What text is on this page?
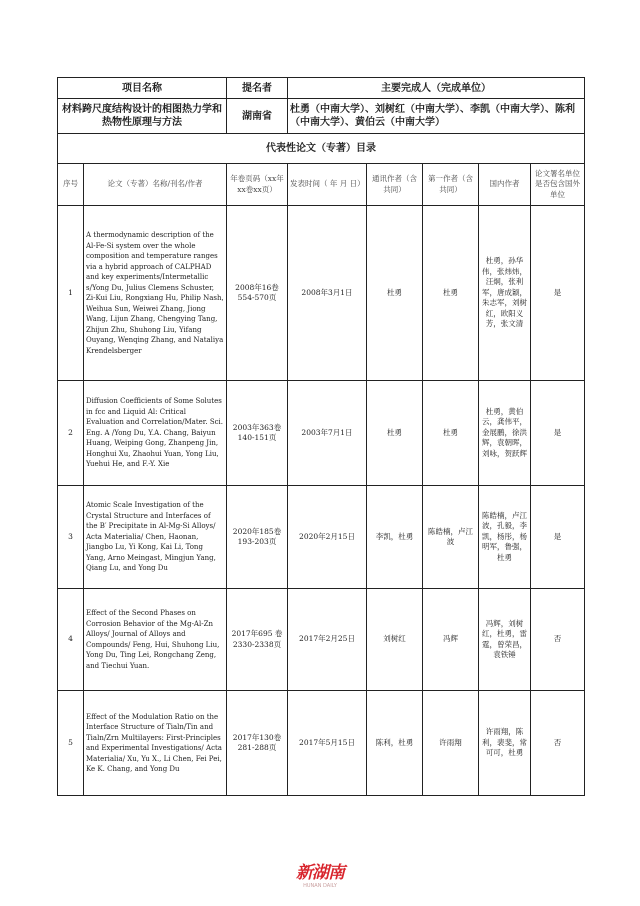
项目名称		提名者	主要完成人（完成单位）				
材料跨尺度结构设计的相图热力学和热物性原理与方法		湖南省	杜勇（中南大学）、刘树红（中南大学）、李凯（中南大学）、陈利（中南大学）、黄伯云（中南大学）				
代表性论文（专著）目录							
序号	论文（专著）名称/刊名/作者	年卷页码（xx年xx卷xx页）	发表时间（ 年 月 日）	通讯作者（含共同）	第一作者（含共同）	国内作者	论文署名单位是否包含国外单位
1	A thermodynamic description of the Al-Fe-Si system over the whole composition and temperature ranges via a hybrid approach of CALPHAD and key experiments/Intermetallic s/Yong Du, Julius Clemens Schuster, Zi-Kui Liu, Rongxiang Hu, Philip Nash, Weihua Sun, Weiwei Zhang, Jiong Wang, Lijun Zhang, Chengying Tang, Zhijun Zhu, Shuhong Liu, Yifang Ouyang, Wenqing Zhang, and Nataliya Krendelsberger	2008年16卷554-570页	2008年3月1日	杜勇	杜勇	杜勇，孙华伟，张炜炜，汪炯，张利军，唐成颖，朱志军，刘树红，欧阳义芳，张文清	是
2	Diffusion Coefficients of Some Solutes in fcc and Liquid Al: Critical Evaluation and Correlation/Mater. Sci. Eng. A /Yong Du, Y.A. Chang, Baiyun Huang, Weiping Gong, Zhanpeng Jin, Honghui Xu, Zhaohui Yuan, Yong Liu, Yuehui He, and F.-Y. Xie	2003年363卷140-151页	2003年7月1日	杜勇	杜勇	杜勇，黄伯云，龚伟平，金展鹏，徐洪辉，袁朝晖，刘咏，贺跃辉	是
3	Atomic Scale Investigation of the Crystal Structure and Interfaces of the B′ Precipitate in Al-Mg-Si Alloys/ Acta Materialia/ Chen, Haonan, Jiangbo Lu, Yi Kong, Kai Li, Tong Yang, Arno Meingast, Mingjun Yang, Qiang Lu, and Yong Du	2020年185卷193-203页	2020年2月15日	李凯，杜勇	陈皓楠，卢江波	陈皓楠，卢江波，孔毅，李凯，杨彤，杨明军，鲁强，杜勇	是
4	Effect of the Second Phases on Corrosion Behavior of the Mg-Al-Zn Alloys/ Journal of Alloys and Compounds/ Feng, Hui, Shuhong Liu, Yong Du, Ting Lei, Rongchang Zeng, and Tiechui Yuan.	2017年695 卷2330-2338页	2017年2月25日	刘树红	冯辉	冯辉，刘树红，杜勇，雷霆，曾荣昌，袁铁锤	否
5	Effect of the Modulation Ratio on the Interface Structure of Tialn/Tin and Tialn/Zrn Multilayers: First-Principles and Experimental Investigations/ Acta Materialia/ Xu, Yu X., Li Chen, Fei Pei, Ke K. Chang, and Yong Du	2017年130卷281-288页	2017年5月15日	陈利，杜勇	许雨翔	许雨翔，陈利，裴斐，常可可，杜勇	否
新湖南
HUNAN DAILY
